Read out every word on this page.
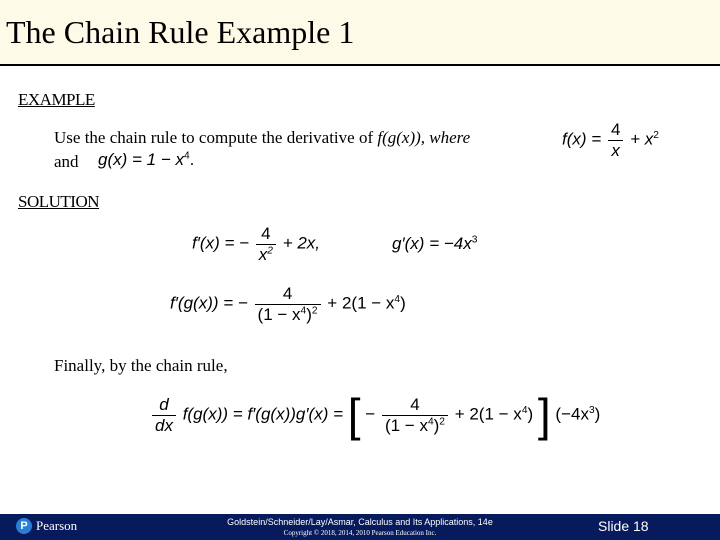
The Chain Rule Example 1
EXAMPLE
Use the chain rule to compute the derivative of f(g(x)), where	$f(x) = \frac{4}{x} + x^2$
and $g(x) = 1 - x^4$.
SOLUTION
f′(x) = − $\frac{4}{x^2} + 2x$,	$g'(x) = -4x^3$
f′(g(x)) = − $\frac{4}{(1 - x^4)^2} + 2(1 - x^4)$
Finally, by the chain rule,
$\frac{d}{dx} f(g(x)) = f'(g(x))g'(x)$ = [ − $\frac{4}{(1 - x^4)^2} + 2(1 - x^4)$ ] $(-4x^3)$
P Pearson	Goldstein/Schneider/Lay/Asmar, Calculus and Its Applications, 14e
Copyright © 2018, 2014, 2010 Pearson Education Inc.	Slide 18
